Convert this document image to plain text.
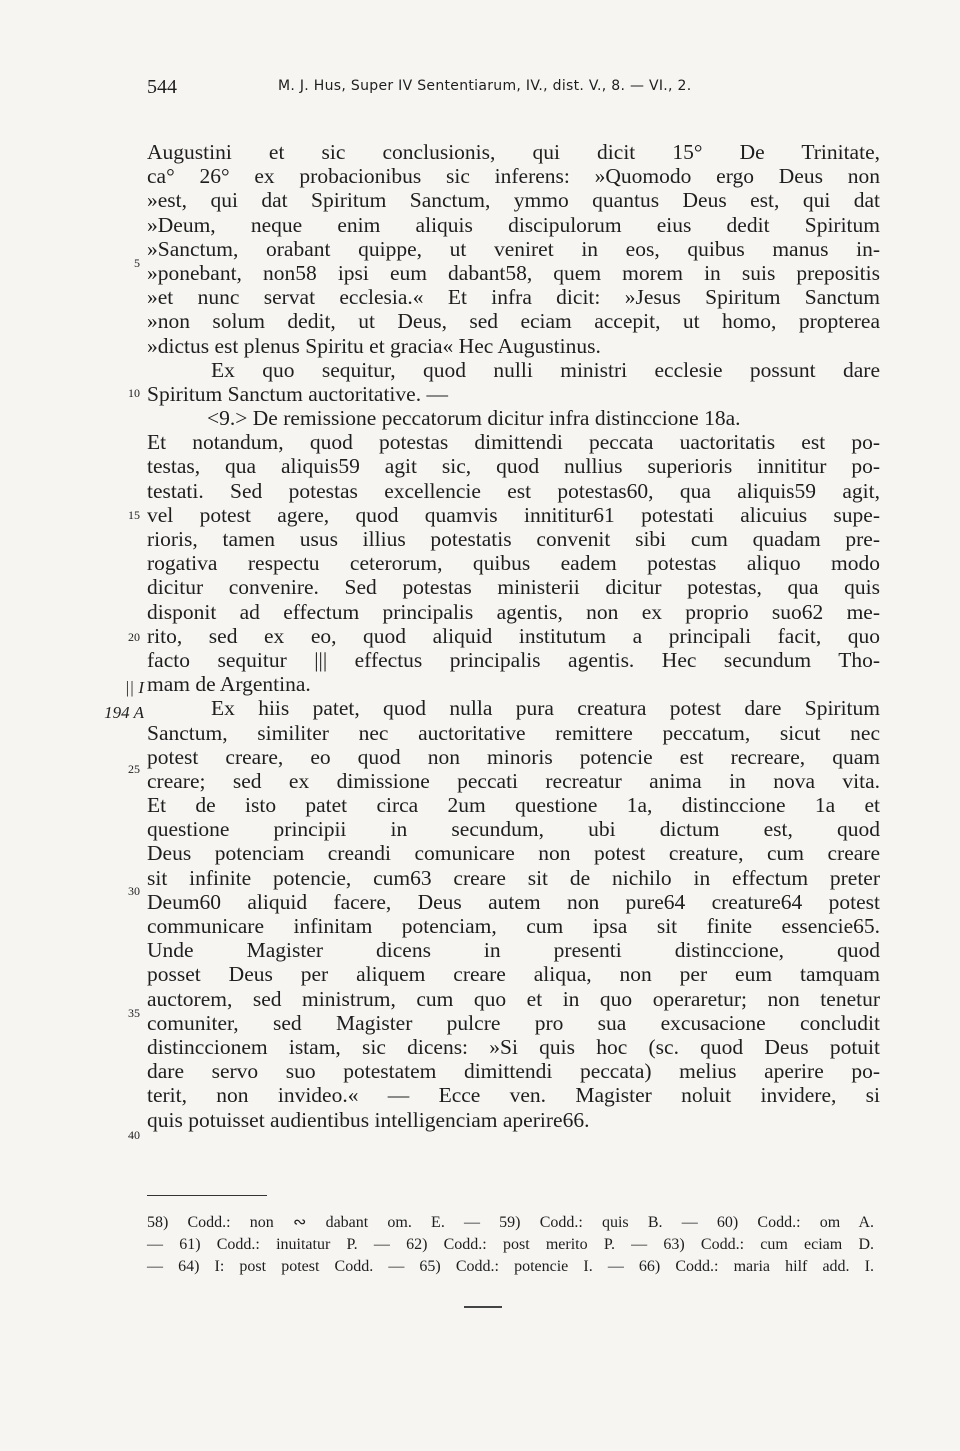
544	M. J. Hus, Super IV Sententiarum, IV., dist. V., 8. — VI., 2.
5
10
15
20
25
30
35
40
|| I
194 A
Augustini et sic conclusionis, qui dicit 15° De Trinitate,
ca° 26° ex probacionibus sic inferens: »Quomodo ergo Deus non
»est, qui dat Spiritum Sanctum, ymmo quantus Deus est, qui dat
»Deum, neque enim aliquis discipulorum eius dedit Spiritum
»Sanctum, orabant quippe, ut veniret in eos, quibus manus in-
»ponebant, non58 ipsi eum dabant58, quem morem in suis prepositis
»et nunc servat ecclesia.« Et infra dicit: »Jesus Spiritum Sanctum
»non solum dedit, ut Deus, sed eciam accepit, ut homo, propterea
»dictus est plenus Spiritu et gracia« Hec Augustinus.
Ex quo sequitur, quod nulli ministri ecclesie possunt dare
Spiritum Sanctum auctoritative. —
<9.> De remissione peccatorum dicitur infra distinccione 18a.
Et notandum, quod potestas dimittendi peccata uactoritatis est po-
testas, qua aliquis59 agit sic, quod nullius superioris innititur po-
testati. Sed potestas excellencie est potestas60, qua aliquis59 agit,
vel potest agere, quod quamvis innititur61 potestati alicuius supe-
rioris, tamen usus illius potestatis convenit sibi cum quadam pre-
rogativa respectu ceterorum, quibus eadem potestas aliquo modo
dicitur convenire. Sed potestas ministerii dicitur potestas, qua quis
disponit ad effectum principalis agentis, non ex proprio suo62 me-
rito, sed ex eo, quod aliquid institutum a principali facit, quo
facto sequitur ||| effectus principalis agentis. Hec secundum Tho-
mam de Argentina.
Ex hiis patet, quod nulla pura creatura potest dare Spiritum
Sanctum, similiter nec auctoritative remittere peccatum, sicut nec
potest creare, eo quod non minoris potencie est recreare, quam
creare; sed ex dimissione peccati recreatur anima in nova vita.
Et de isto patet circa 2um questione 1a, distinccione 1a et
questione principii in secundum, ubi dictum est, quod
Deus potenciam creandi comunicare non potest creature, cum creare
sit infinite potencie, cum63 creare sit de nichilo in effectum preter
Deum60 aliquid facere, Deus autem non pure64 creature64 potest
communicare infinitam potenciam, cum ipsa sit finite essencie65.
Unde Magister dicens in presenti distinccione, quod
posset Deus per aliquem creare aliqua, non per eum tamquam
auctorem, sed ministrum, cum quo et in quo operaretur; non tenetur
comuniter, sed Magister pulcre pro sua excusacione concludit
distinccionem istam, sic dicens: »Si quis hoc (sc. quod Deus potuit
dare servo suo potestatem dimittendi peccata) melius aperire po-
terit, non invideo.« — Ecce ven. Magister noluit invidere, si
quis potuisset audientibus intelligenciam aperire66.
58) Codd.: non ∾ dabant om. E. — 59) Codd.: quis B. — 60) Codd.: om A.
— 61) Codd.: inuitatur P. — 62) Codd.: post merito P. — 63) Codd.: cum eciam D.
— 64) I: post potest Codd. — 65) Codd.: potencie I. — 66) Codd.: maria hilf add. I.
